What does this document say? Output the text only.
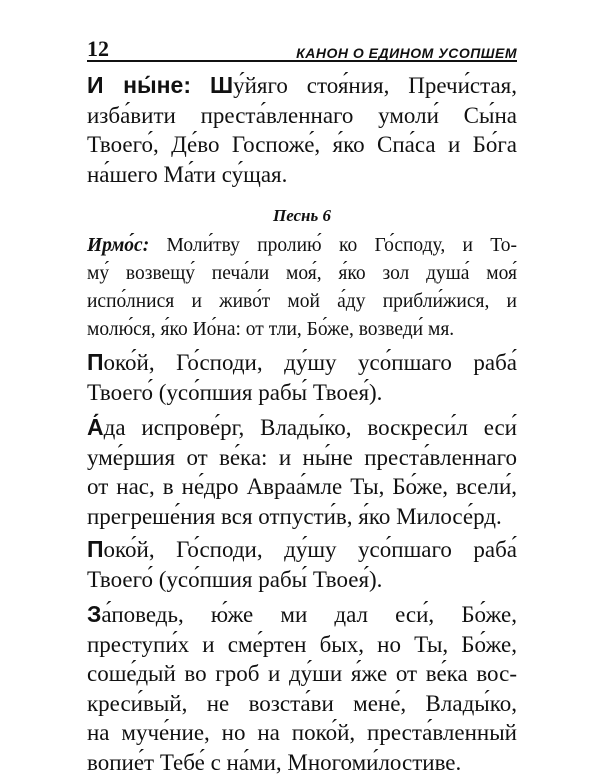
12	КАНОН О ЕДИНОМ УСОПШЕМ

И ны́не: Шу́йяго стоя́ния, Пречи́стая,
изба́вити преста́вленнаго умоли́ Сы́на
Твоего́, Де́во Госпоже́, я́ко Спа́са и Бо́га
на́шего Ма́ти су́щая.

Песнь 6

Ирмо́с: Моли́тву пролию́ ко Го́споду, и То-
му́ возвещу́ печа́ли моя́, я́ко зол душа́ моя́
испо́лнися и живо́т мой а́ду прибли́жися, и
молю́ся, я́ко Ио́на: от тли, Бо́же, возведи́ мя.

Поко́й, Го́споди, ду́шу усо́пшаго раба́
Твоего́ (усо́пшия рабы́ Твоея́).

А́да испрове́рг, Влады́ко, воскреси́л еси́
уме́ршия от ве́ка: и ны́не преста́вленнаго
от нас, в не́дро Авраа́мле Ты, Бо́же, всели́,
прегреше́ния вся отпусти́в, я́ко Милосе́рд.

Поко́й, Го́споди, ду́шу усо́пшаго раба́
Твоего́ (усо́пшия рабы́ Твоея́).

За́поведь, ю́же ми дал еси́, Бо́же,
преступи́х и сме́ртен бых, но Ты, Бо́же,
соше́дый во гроб и ду́ши я́же от ве́ка вос-
креси́вый, не возста́ви мене́, Влады́ко,
на муче́ние, но на поко́й, преста́вленный
вопие́т Тебе́ с на́ми, Многоми́лостиве.
